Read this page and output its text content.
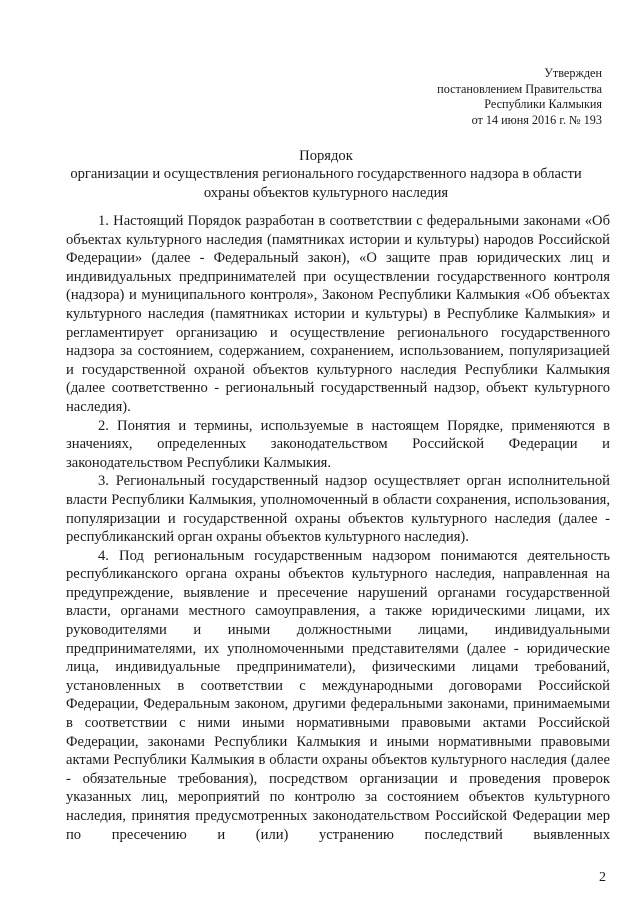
Утвержден
постановлением Правительства
Республики Калмыкия
от 14 июня 2016 г. № 193
Порядок
организации и осуществления регионального государственного надзора в области
охраны объектов культурного наследия

1. Настоящий Порядок разработан в соответствии с федеральными законами «Об объектах культурного наследия (памятниках истории и культуры) народов Российской Федерации» (далее - Федеральный закон), «О защите прав юридических лиц и индивидуальных предпринимателей при осуществлении государственного контроля (надзора) и муниципального контроля», Законом Республики Калмыкия «Об объектах культурного наследия (памятниках истории и культуры) в Республике Калмыкия» и регламентирует организацию и осуществление регионального государственного надзора за состоянием, содержанием, сохранением, использованием, популяризацией и государственной охраной объектов культурного наследия Республики Калмыкия (далее соответственно - региональный государственный надзор, объект культурного наследия).

2. Понятия и термины, используемые в настоящем Порядке, применяются в значениях, определенных законодательством Российской Федерации и законодательством Республики Калмыкия.

3. Региональный государственный надзор осуществляет орган исполнительной власти Республики Калмыкия, уполномоченный в области сохранения, использования, популяризации и государственной охраны объектов культурного наследия (далее - республиканский орган охраны объектов культурного наследия).

4. Под региональным государственным надзором понимаются деятельность республиканского органа охраны объектов культурного наследия, направленная на предупреждение, выявление и пресечение нарушений органами государственной власти, органами местного самоуправления, а также юридическими лицами, их руководителями и иными должностными лицами, индивидуальными предпринимателями, их уполномоченными представителями (далее - юридические лица, индивидуальные предприниматели), физическими лицами требований, установленных в соответствии с международными договорами Российской Федерации, Федеральным законом, другими федеральными законами, принимаемыми в соответствии с ними иными нормативными правовыми актами Российской Федерации, законами Республики Калмыкия и иными нормативными правовыми актами Республики Калмыкия в области охраны объектов культурного наследия (далее - обязательные требования), посредством организации и проведения проверок указанных лиц, мероприятий по контролю за состоянием объектов культурного наследия, принятия предусмотренных законодательством Российской Федерации мер по пресечению и (или) устранению последствий выявленных

2
